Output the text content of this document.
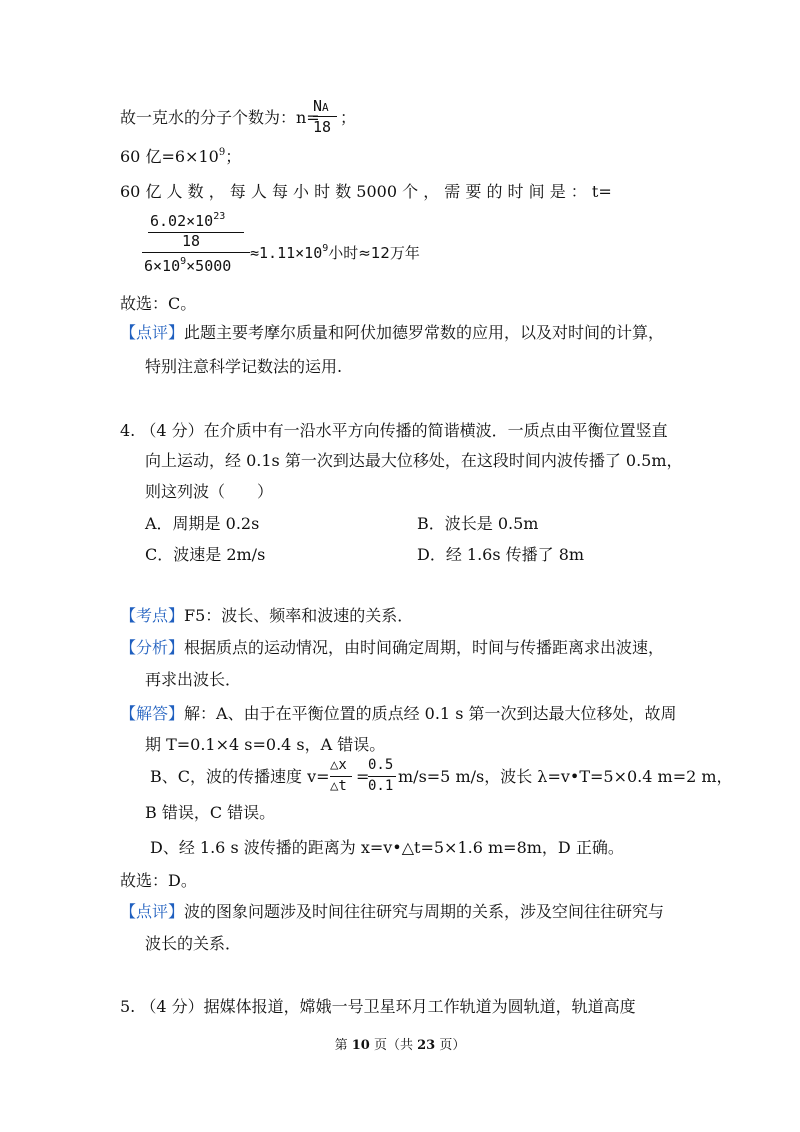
故一克水的分子个数为：n=
NA
18 ；
60 亿$=6\times 10^9$；
60 亿 人 数 ， 每 人 每 小 时 数 5000 个 ， 需 要 的 时 间 是 ： t=
$6.02\times 10^{23}$
18
$6\times 10^9\times 5000$
$\approx 1.11\times 10^9$小时≈12万年
故选：C。
【点评】此题主要考摩尔质量和阿伏加德罗常数的应用，以及对时间的计算，
特别注意科学记数法的运用.
4. （4 分）在介质中有一沿水平方向传播的简谐横波．一质点由平衡位置竖直
向上运动，经 0.1s 第一次到达最大位移处，在这段时间内波传播了 0.5m，
则这列波（　　）
A．周期是 0.2s	B．波长是 0.5m
C．波速是 2m/s	D．经 1.6s 传播了 8m
【考点】F5：波长、频率和波速的关系．
【分析】根据质点的运动情况，由时间确定周期，时间与传播距离求出波速，
再求出波长．
【解答】解：A、由于在平衡位置的质点经 0.1 s 第一次到达最大位移处，故周
期 T=0.1×4 s=0.4 s，A 错误。
B、C，波的传播速度 v=
△x
△t =
0.5
0.1 m/s=5 m/s，波长 λ=v•T=5×0.4 m=2 m，
B 错误，C 错误。
D、经 1.6 s 波传播的距离为 x=v•△t=5×1.6 m=8m，D 正确。
故选：D。
【点评】波的图象问题涉及时间往往研究与周期的关系，涉及空间往往研究与
波长的关系．
5. （4 分）据媒体报道，嫦娥一号卫星环月工作轨道为圆轨道，轨道高度
第 10 页（共 23 页）
